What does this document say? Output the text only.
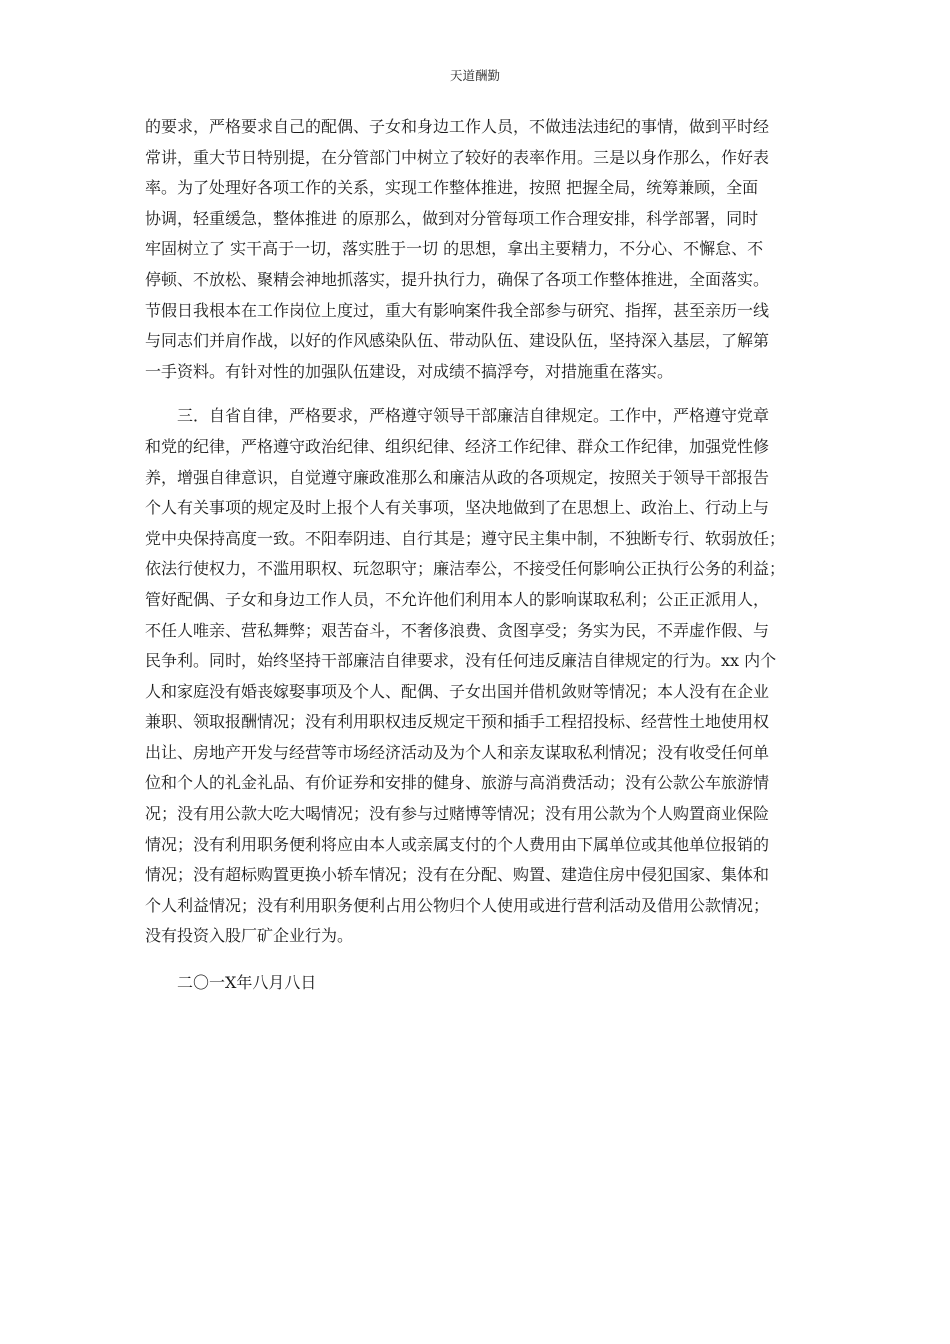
天道酬勤
的要求，严格要求自己的配偶、子女和身边工作人员，不做违法违纪的事情，做到平时经
常讲，重大节日特别提，在分管部门中树立了较好的表率作用。三是以身作那么，作好表
率。为了处理好各项工作的关系，实现工作整体推进，按照 把握全局，统筹兼顾，全面
协调，轻重缓急，整体推进 的原那么，做到对分管每项工作合理安排，科学部署，同时
牢固树立了 实干高于一切，落实胜于一切 的思想，拿出主要精力，不分心、不懈怠、不
停顿、不放松、聚精会神地抓落实，提升执行力，确保了各项工作整体推进，全面落实。
节假日我根本在工作岗位上度过，重大有影响案件我全部参与研究、指挥，甚至亲历一线
与同志们并肩作战，以好的作风感染队伍、带动队伍、建设队伍，坚持深入基层，了解第
一手资料。有针对性的加强队伍建设，对成绩不搞浮夸，对措施重在落实。
三．自省自律，严格要求，严格遵守领导干部廉洁自律规定。工作中，严格遵守党章
和党的纪律，严格遵守政治纪律、组织纪律、经济工作纪律、群众工作纪律，加强党性修
养，增强自律意识，自觉遵守廉政准那么和廉洁从政的各项规定，按照关于领导干部报告
个人有关事项的规定及时上报个人有关事项，坚决地做到了在思想上、政治上、行动上与
党中央保持高度一致。不阳奉阴违、自行其是；遵守民主集中制，不独断专行、软弱放任；
依法行使权力，不滥用职权、玩忽职守；廉洁奉公，不接受任何影响公正执行公务的利益；
管好配偶、子女和身边工作人员，不允许他们利用本人的影响谋取私利；公正正派用人，
不任人唯亲、营私舞弊；艰苦奋斗，不奢侈浪费、贪图享受；务实为民，不弄虚作假、与
民争利。同时，始终坚持干部廉洁自律要求，没有任何违反廉洁自律规定的行为。xx 内个
人和家庭没有婚丧嫁娶事项及个人、配偶、子女出国并借机敛财等情况；本人没有在企业
兼职、领取报酬情况；没有利用职权违反规定干预和插手工程招投标、经营性土地使用权
出让、房地产开发与经营等市场经济活动及为个人和亲友谋取私利情况；没有收受任何单
位和个人的礼金礼品、有价证券和安排的健身、旅游与高消费活动；没有公款公车旅游情
况；没有用公款大吃大喝情况；没有参与过赌博等情况；没有用公款为个人购置商业保险
情况；没有利用职务便利将应由本人或亲属支付的个人费用由下属单位或其他单位报销的
情况；没有超标购置更换小轿车情况；没有在分配、购置、建造住房中侵犯国家、集体和
个人利益情况；没有利用职务便利占用公物归个人使用或进行营利活动及借用公款情况；
没有投资入股厂矿企业行为。
二〇一X年八月八日
